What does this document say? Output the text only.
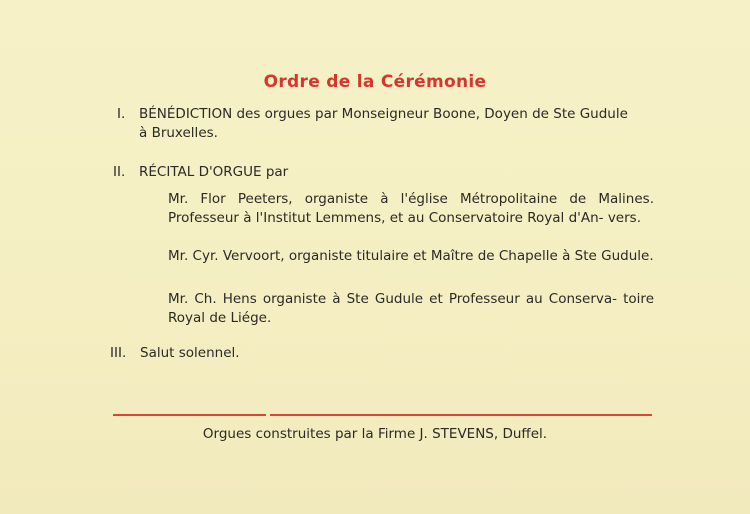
Ordre de la Cérémonie
I. BÉNÉDICTION des orgues par Monseigneur Boone, Doyen de Ste Gudule
à Bruxelles.
II. RÉCITAL D'ORGUE par
Mr. Flor Peeters, organiste à l'église Métropolitaine de Malines. Professeur à l'Institut Lemmens, et au Conservatoire Royal d'An- vers.
Mr. Cyr. Vervoort, organiste titulaire et Maître de Chapelle à Ste Gudule.
Mr. Ch. Hens organiste à Ste Gudule et Professeur au Conserva- toire Royal de Liége.
III. Salut solennel.
Orgues construites par la Firme J. STEVENS, Duffel.
